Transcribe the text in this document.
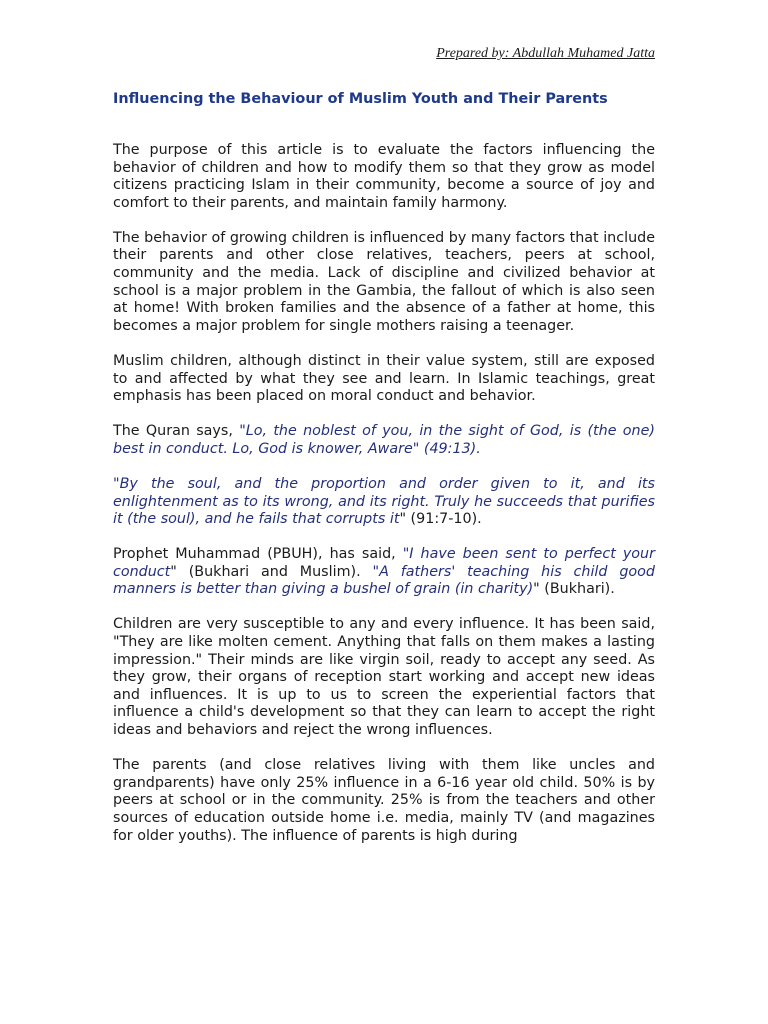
Prepared by: Abdullah Muhamed Jatta
Influencing the Behaviour of Muslim Youth and Their Parents

The purpose of this article is to evaluate the factors influencing the behavior of children and how to modify them so that they grow as model citizens practicing Islam in their community, become a source of joy and comfort to their parents, and maintain family harmony.

The behavior of growing children is influenced by many factors that include their parents and other close relatives, teachers, peers at school, community and the media. Lack of discipline and civilized behavior at school is a major problem in the Gambia, the fallout of which is also seen at home! With broken families and the absence of a father at home, this becomes a major problem for single mothers raising a teenager.

Muslim children, although distinct in their value system, still are exposed to and affected by what they see and learn. In Islamic teachings, great emphasis has been placed on moral conduct and behavior.

The Quran says, "Lo, the noblest of you, in the sight of God, is (the one) best in conduct. Lo, God is knower, Aware" (49:13).

"By the soul, and the proportion and order given to it, and its enlightenment as to its wrong, and its right. Truly he succeeds that purifies it (the soul), and he fails that corrupts it" (91:7-10).

Prophet Muhammad (PBUH), has said, "I have been sent to perfect your conduct" (Bukhari and Muslim). "A fathers' teaching his child good manners is better than giving a bushel of grain (in charity)" (Bukhari).

Children are very susceptible to any and every influence. It has been said, "They are like molten cement. Anything that falls on them makes a lasting impression." Their minds are like virgin soil, ready to accept any seed. As they grow, their organs of reception start working and accept new ideas and influences. It is up to us to screen the experiential factors that influence a child's development so that they can learn to accept the right ideas and behaviors and reject the wrong influences.

The parents (and close relatives living with them like uncles and grandparents) have only 25% influence in a 6-16 year old child. 50% is by peers at school or in the community. 25% is from the teachers and other sources of education outside home i.e. media, mainly TV (and magazines for older youths). The influence of parents is high during
